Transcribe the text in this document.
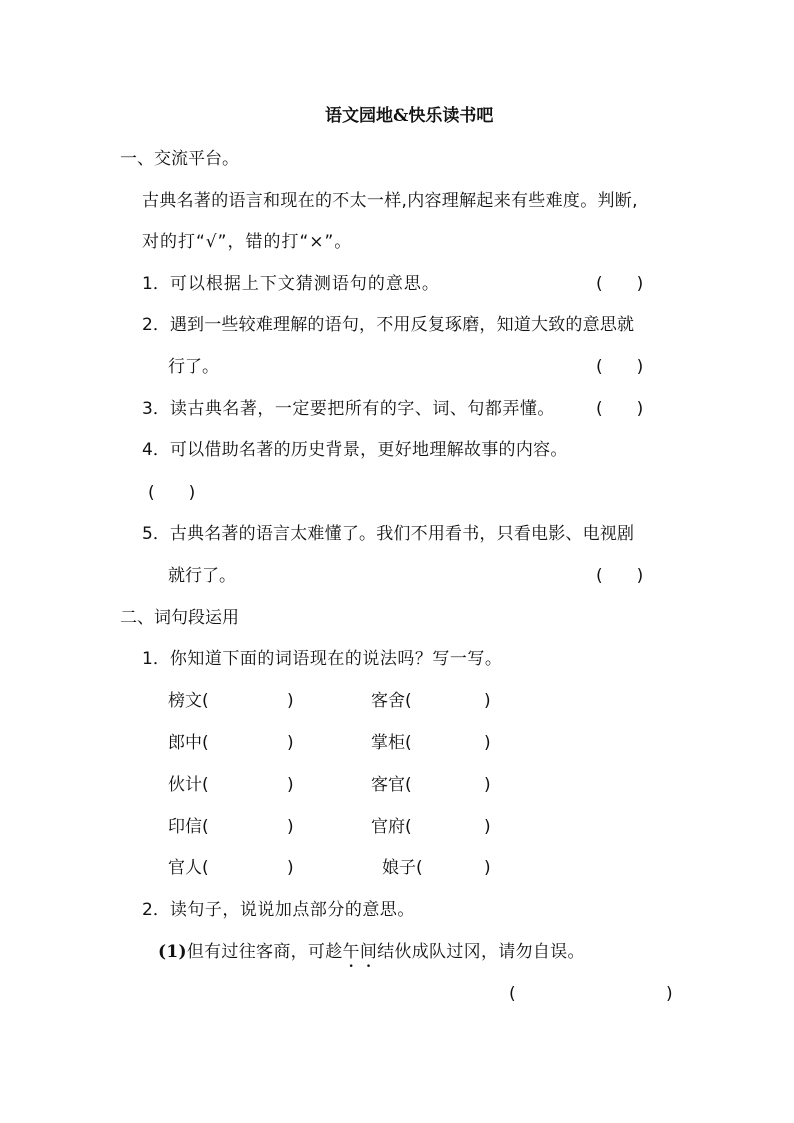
语文园地&快乐读书吧
一、交流平台。
古典名著的语言和现在的不太一样,内容理解起来有些难度。判断,
对的打“√”，错的打“×”。
1．可以根据上下文猜测语句的意思。	(　　)
2．遇到一些较难理解的语句，不用反复琢磨，知道大致的意思就
行了。	(　　)
3．读古典名著，一定要把所有的字、词、句都弄懂。 (　　)
4．可以借助名著的历史背景，更好地理解故事的内容。
(　　)
5．古典名著的语言太难懂了。我们不用看书，只看电影、电视剧
就行了。	(　　)
二、词句段运用
1．你知道下面的词语现在的说法吗？写一写。
榜文 (	)	客舍 (	)
郎中 (	)	掌柜 (	)
伙计 (	)	客官 (	)
印信 (	)	官府 (	)
官人 (	)	娘子 (	)
2．读句子，说说加点部分的意思。
(1)但有过往客商，可趁午间结伙成队过冈，请勿自误。
(	)
